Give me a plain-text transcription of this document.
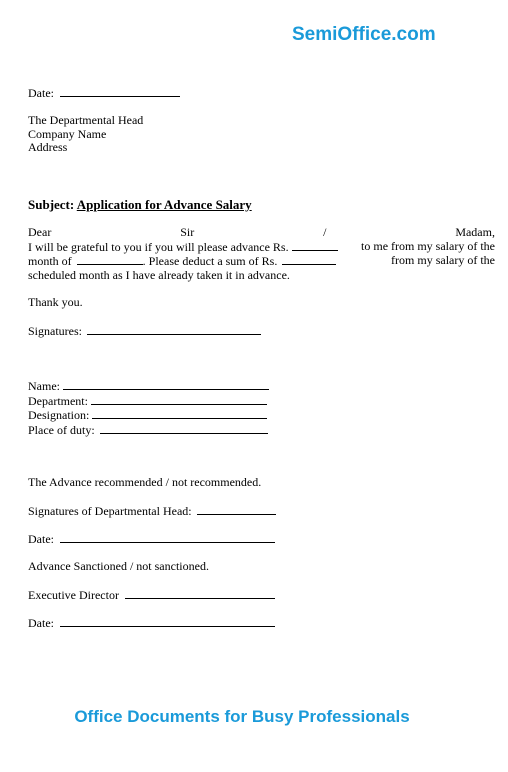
SemiOffice.com
Date:
The Departmental Head
Company Name
Address
Subject: Application for Advance Salary
Dear	Sir	/	Madam,
I will be grateful to you if you will please advance Rs.	to me from my salary of the
month of	. Please deduct a sum of Rs.	from my salary of the
scheduled month as I have already taken it in advance.
Thank you.
Signatures:
Name:
Department:
Designation:
Place of duty:
The Advance recommended / not recommended.
Signatures of Departmental Head:
Date:
Advance Sanctioned / not sanctioned.
Executive Director
Date:
Office Documents for Busy Professionals
